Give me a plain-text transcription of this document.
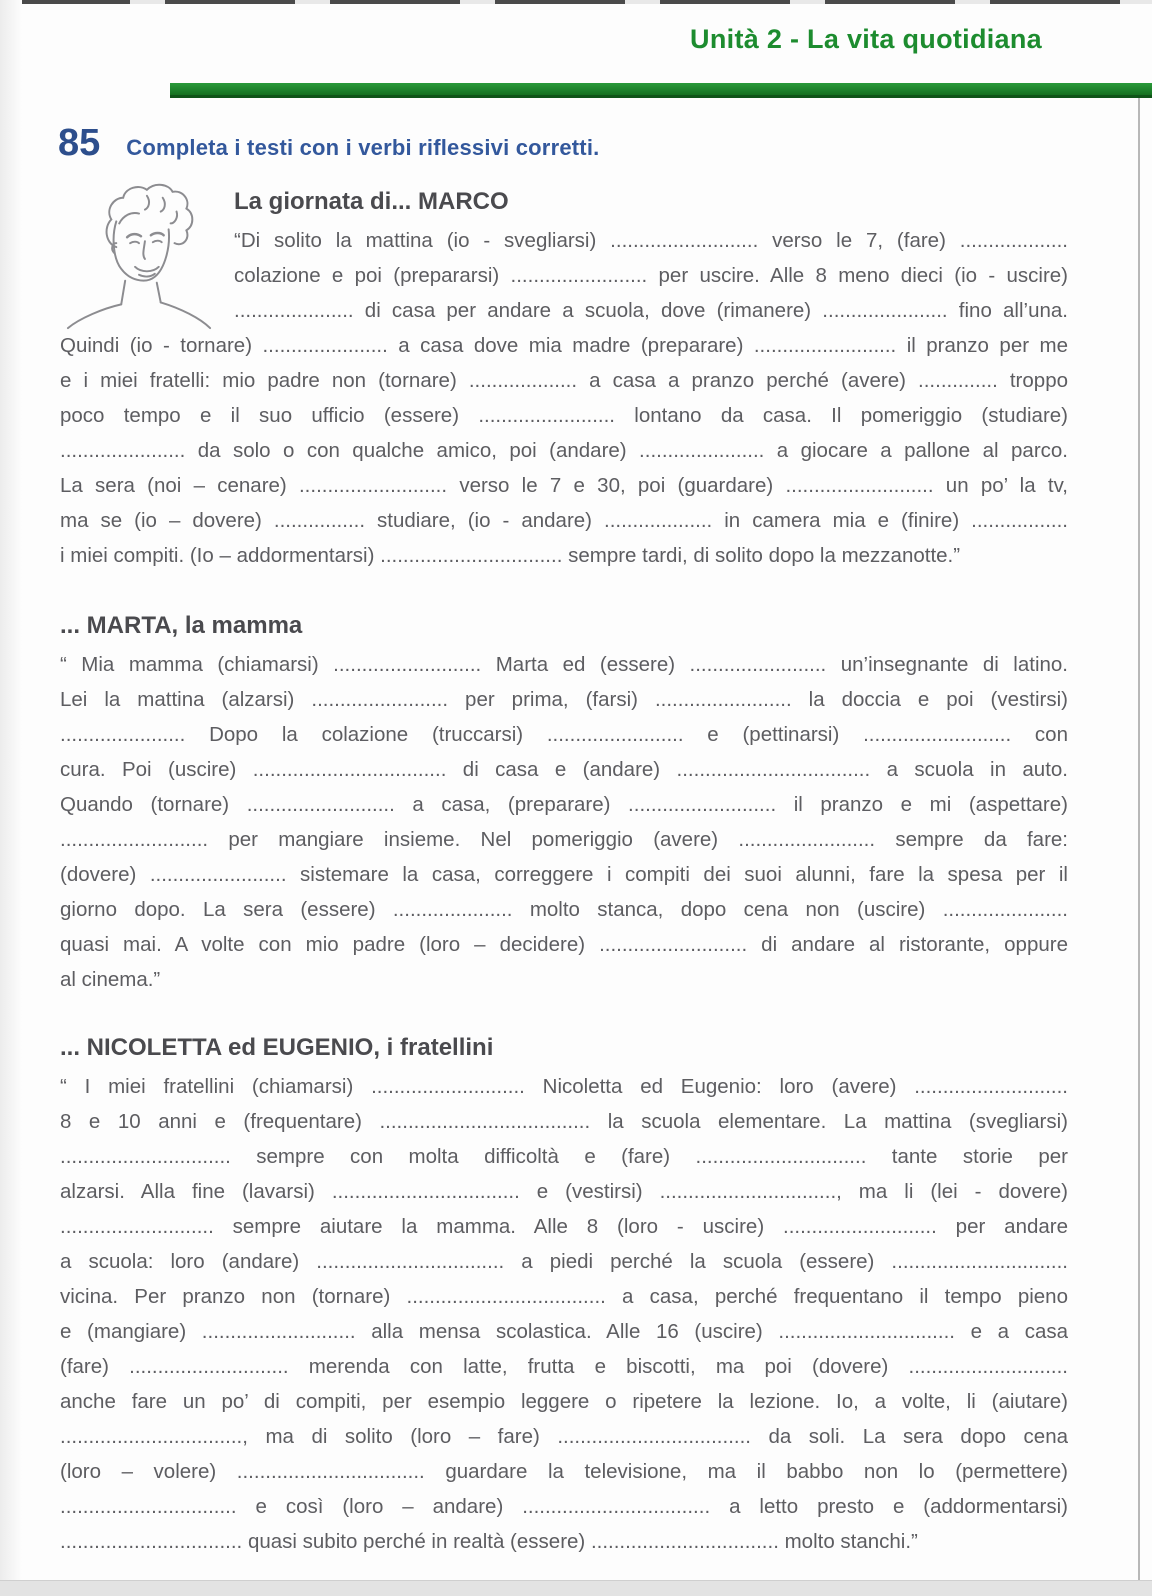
Unità 2 - La vita quotidiana
85 Completa i testi con i verbi riflessivi corretti.
La giornata di... MARCO
“Di solito la mattina (io - svegliarsi) .......................... verso le 7, (fare) ...................
colazione e poi (prepararsi) ........................ per uscire. Alle 8 meno dieci (io - uscire)
..................... di casa per andare a scuola, dove (rimanere) ...................... fino all’una.
Quindi (io - tornare) ...................... a casa dove mia madre (preparare) ......................... il pranzo per me
e i miei fratelli: mio padre non (tornare) ................... a casa a pranzo perché (avere) .............. troppo
poco tempo e il suo ufficio (essere) ........................ lontano da casa. Il pomeriggio (studiare)
...................... da solo o con qualche amico, poi (andare) ...................... a giocare a pallone al parco.
La sera (noi – cenare) .......................... verso le 7 e 30, poi (guardare) .......................... un po’ la tv,
ma se (io – dovere) ................ studiare, (io - andare) ................... in camera mia e (finire) .................
i miei compiti. (Io – addormentarsi) ................................ sempre tardi, di solito dopo la mezzanotte.”
... MARTA, la mamma
“ Mia mamma (chiamarsi) .......................... Marta ed (essere) ........................ un’insegnante di latino.
Lei la mattina (alzarsi) ........................ per prima, (farsi) ........................ la doccia e poi (vestirsi)
...................... Dopo la colazione (truccarsi) ........................ e (pettinarsi) .......................... con
cura. Poi (uscire) .................................. di casa e (andare) .................................. a scuola in auto.
Quando (tornare) .......................... a casa, (preparare) .......................... il pranzo e mi (aspettare)
.......................... per mangiare insieme. Nel pomeriggio (avere) ........................ sempre da fare:
(dovere) ........................ sistemare la casa, correggere i compiti dei suoi alunni, fare la spesa per il
giorno dopo. La sera (essere) ..................... molto stanca, dopo cena non (uscire) ......................
quasi mai. A volte con mio padre (loro – decidere) .......................... di andare al ristorante, oppure
al cinema.”
... NICOLETTA ed EUGENIO, i fratellini
“ I miei fratellini (chiamarsi) ........................... Nicoletta ed Eugenio: loro (avere) ...........................
8 e 10 anni e (frequentare) ..................................... la scuola elementare. La mattina (svegliarsi)
.............................. sempre con molta difficoltà e (fare) .............................. tante storie per
alzarsi. Alla fine (lavarsi) ................................. e (vestirsi) ..............................., ma li (lei - dovere)
........................... sempre aiutare la mamma. Alle 8 (loro - uscire) ........................... per andare
a scuola: loro (andare) ................................. a piedi perché la scuola (essere) ...............................
vicina. Per pranzo non (tornare) ................................... a casa, perché frequentano il tempo pieno
e (mangiare) ........................... alla mensa scolastica. Alle 16 (uscire) ............................... e a casa
(fare) ............................ merenda con latte, frutta e biscotti, ma poi (dovere) ............................
anche fare un po’ di compiti, per esempio leggere o ripetere la lezione. Io, a volte, li (aiutare)
................................, ma di solito (loro – fare) .................................. da soli. La sera dopo cena
(loro – volere) ................................. guardare la televisione, ma il babbo non lo (permettere)
............................... e così (loro – andare) ................................. a letto presto e (addormentarsi)
................................ quasi subito perché in realtà (essere) ................................. molto stanchi.”
